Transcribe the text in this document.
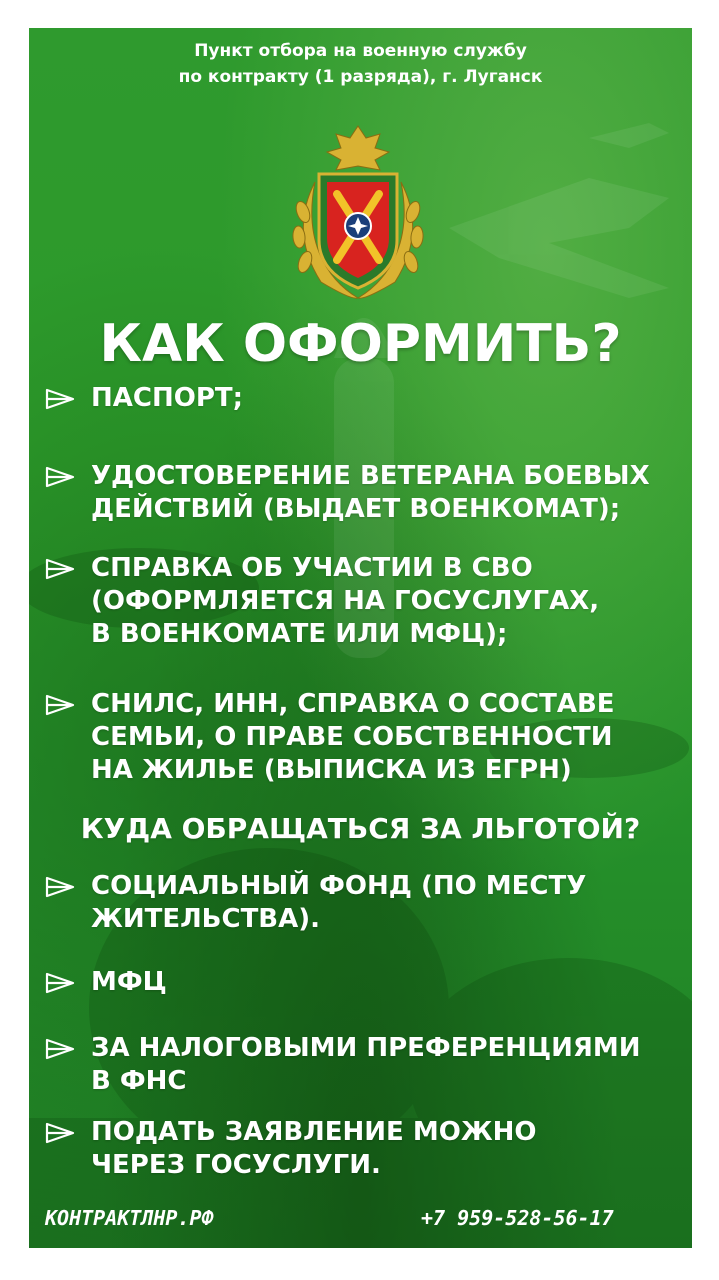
Пункт отбора на военную службу
по контракту (1 разряда), г. Луганск
КАК ОФОРМИТЬ?
ПАСПОРТ;
УДОСТОВЕРЕНИЕ ВЕТЕРАНА БОЕВЫХ
ДЕЙСТВИЙ (ВЫДАЕТ ВОЕНКОМАТ);
СПРАВКА ОБ УЧАСТИИ В СВО
(ОФОРМЛЯЕТСЯ НА ГОСУСЛУГАХ,
В ВОЕНКОМАТЕ ИЛИ МФЦ);
СНИЛС, ИНН, СПРАВКА О СОСТАВЕ
СЕМЬИ, О ПРАВЕ СОБСТВЕННОСТИ
НА ЖИЛЬЕ (ВЫПИСКА ИЗ ЕГРН)
КУДА ОБРАЩАТЬСЯ ЗА ЛЬГОТОЙ?
СОЦИАЛЬНЫЙ ФОНД (ПО МЕСТУ
ЖИТЕЛЬСТВА).
МФЦ
ЗА НАЛОГОВЫМИ ПРЕФЕРЕНЦИЯМИ
В ФНС
ПОДАТЬ ЗАЯВЛЕНИЕ МОЖНО
ЧЕРЕЗ ГОСУСЛУГИ.
КОНТРАКТЛНР.РФ	+7 959-528-56-17
